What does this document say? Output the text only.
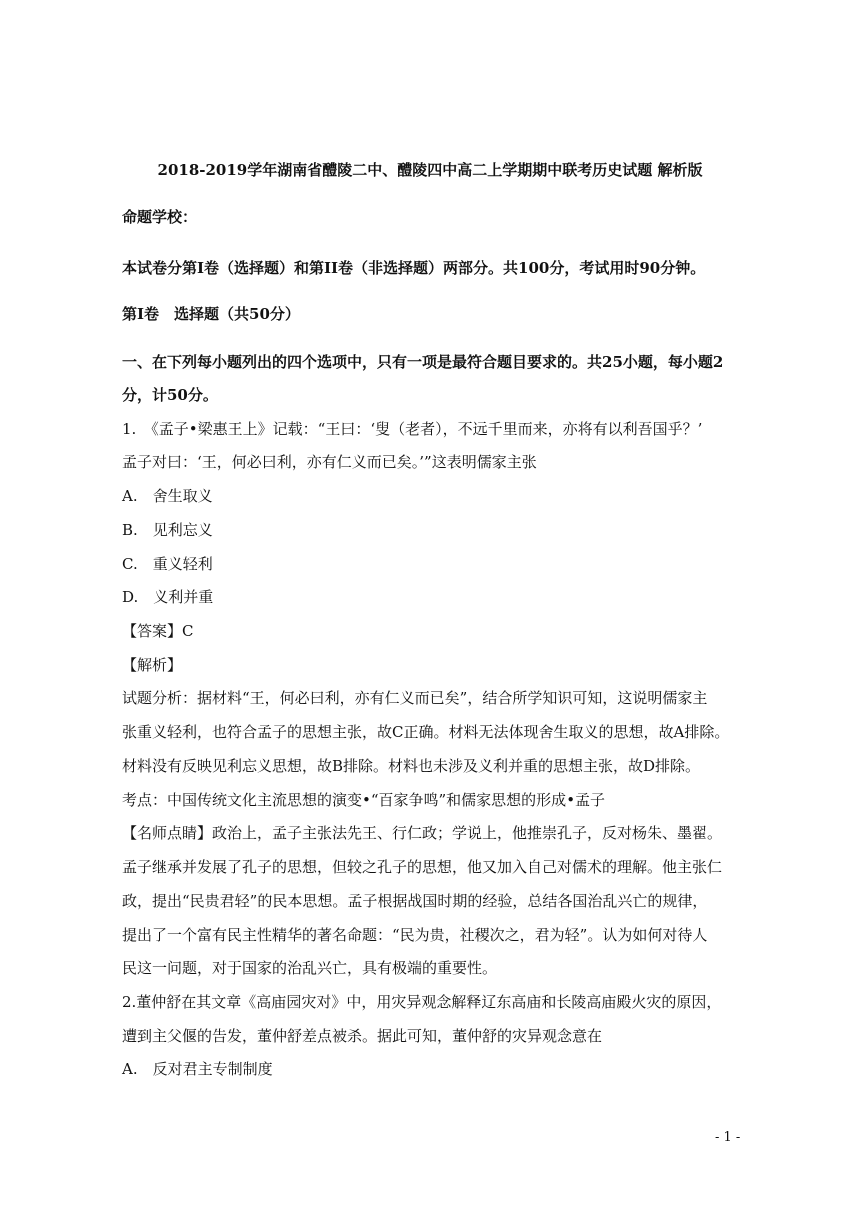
2018-2019学年湖南省醴陵二中、醴陵四中高二上学期期中联考历史试题 解析版
命题学校：
本试卷分第Ⅰ卷（选择题）和第II卷（非选择题）两部分。共100分，考试用时90分钟。
第Ⅰ卷　选择题（共50分）
一、在下列每小题列出的四个选项中，只有一项是最符合题目要求的。共25小题，每小题2
分，计50分。
1.　《孟子•梁惠王上》记载：“王曰：‘叟（老者），不远千里而来，亦将有以利吾国乎？’
孟子对曰：‘王，何必曰利，亦有仁义而已矣。’”这表明儒家主张
A.　舍生取义
B.　见利忘义
C.　重义轻利
D.　义利并重
【答案】C
【解析】
试题分析：据材料“王，何必曰利，亦有仁义而已矣”，结合所学知识可知，这说明儒家主
张重义轻利，也符合孟子的思想主张，故C正确。材料无法体现舍生取义的思想，故A排除。
材料没有反映见利忘义思想，故B排除。材料也未涉及义利并重的思想主张，故D排除。
考点：中国传统文化主流思想的演变•“百家争鸣”和儒家思想的形成•孟子
【名师点睛】政治上，孟子主张法先王、行仁政；学说上，他推崇孔子，反对杨朱、墨翟。
孟子继承并发展了孔子的思想，但较之孔子的思想，他又加入自己对儒术的理解。他主张仁
政，提出“民贵君轻”的民本思想。孟子根据战国时期的经验，总结各国治乱兴亡的规律，
提出了一个富有民主性精华的著名命题：“民为贵，社稷次之，君为轻”。认为如何对待人
民这一问题，对于国家的治乱兴亡，具有极端的重要性。
2.董仲舒在其文章《高庙园灾对》中，用灾异观念解释辽东高庙和长陵高庙殿火灾的原因，
遭到主父偃的告发，董仲舒差点被杀。据此可知，董仲舒的灾异观念意在
A.　反对君主专制制度
- 1 -
